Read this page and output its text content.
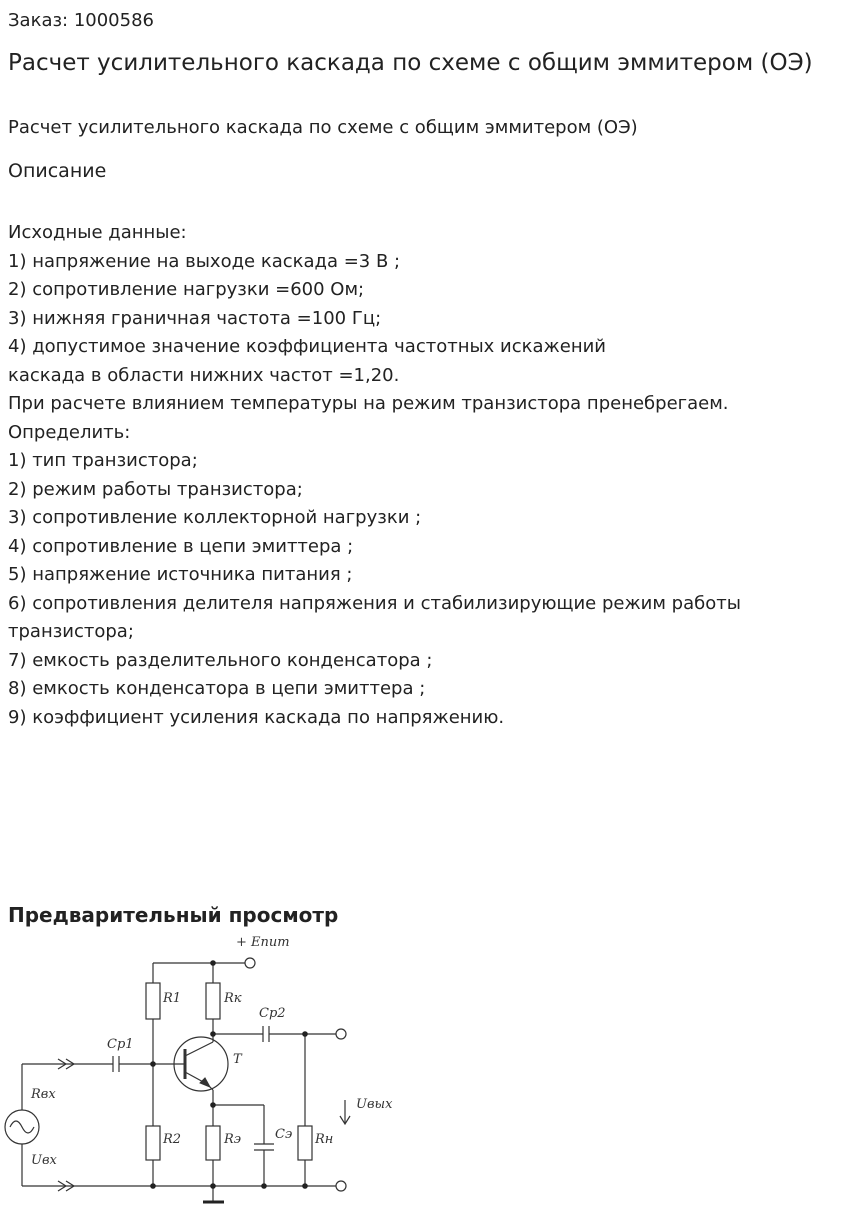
Заказ: 1000586

Расчет усилительного каскада по схеме с общим эммитером (ОЭ)

Расчет усилительного каскада по схеме с общим эммитером (ОЭ)

Описание
Исходные данные:
1) напряжение на выходе каскада =3 В ;
2) сопротивление нагрузки =600 Ом;
3) нижняя граничная частота =100 Гц;
4) допустимое значение коэффициента частотных искажений
каскада в области нижних частот =1,20.
При расчете влиянием температуры на режим транзистора пренебрегаем.
Определить:
1) тип транзистора;
2) режим работы транзистора;
3) сопротивление коллекторной нагрузки ;
4) сопротивление в цепи эмиттера ;
5) напряжение источника питания ;
6) сопротивления делителя напряжения и стабилизирующие режим работы
транзистора;
7) емкость разделительного конденсатора ;
8) емкость конденсатора в цепи эмиттера ;
9) коэффициент усиления каскада по напряжению.
Предварительный просмотр
+ Eпит
R1	Rк
Cp2
Cp1
T
Rвх
Uвых
R2	Rэ	Cэ Rн
Uвх
